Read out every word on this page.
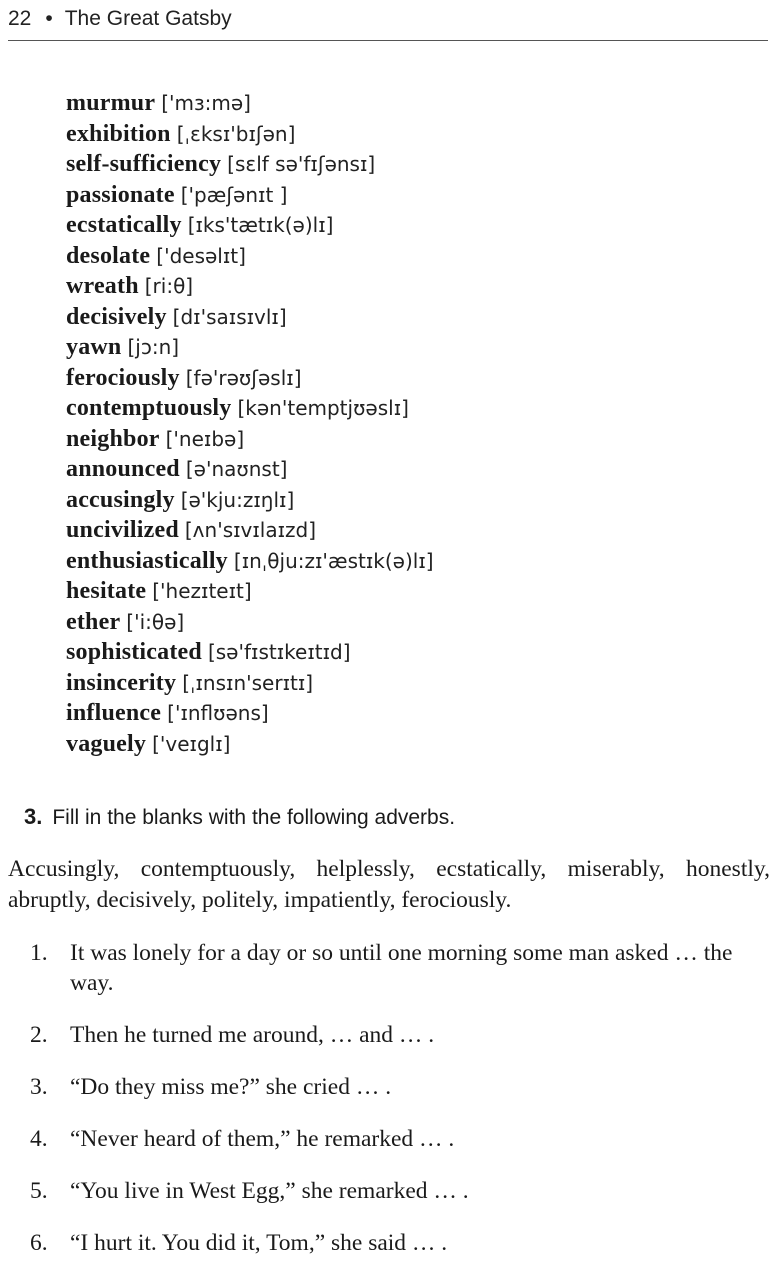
22 • The Great Gatsby
murmur ['mɜ:mə]
exhibition [ˌɛksɪ'bɪʃən]
self-sufficiency [sɛlf sə'fɪʃənsɪ]
passionate ['pæʃənɪt ]
ecstatically [ɪks'tætɪk(ə)lɪ]
desolate ['desəlɪt]
wreath [ri:θ]
decisively [dɪ'saɪsɪvlɪ]
yawn [jɔ:n]
ferociously [fə'rəʊʃəslɪ]
contemptuously [kən'temptjʊəslɪ]
neighbor ['neɪbə]
announced [ə'naʊnst]
accusingly [ə'kju:zɪŋlɪ]
uncivilized [ʌn'sɪvɪlaɪzd]
enthusiastically [ɪnˌθju:zɪ'æstɪk(ə)lɪ]
hesitate ['hezɪteɪt]
ether ['i:θə]
sophisticated [sə'fɪstɪkeɪtɪd]
insincerity [ˌɪnsɪn'serɪtɪ]
influence ['ɪnflʊəns]
vaguely ['veɪglɪ]
3. Fill in the blanks with the following adverbs.
Accusingly, contemptuously, helplessly, ecstatically, miserably, honestly, abruptly, decisively, politely, impatiently, ferociously.
1. It was lonely for a day or so until one morning some man asked … the way.
2. Then he turned me around, … and … .
3. “Do they miss me?” she cried … .
4. “Never heard of them,” he remarked … .
5. “You live in West Egg,” she remarked … .
6. “I hurt it. You did it, Tom,” she said … .
